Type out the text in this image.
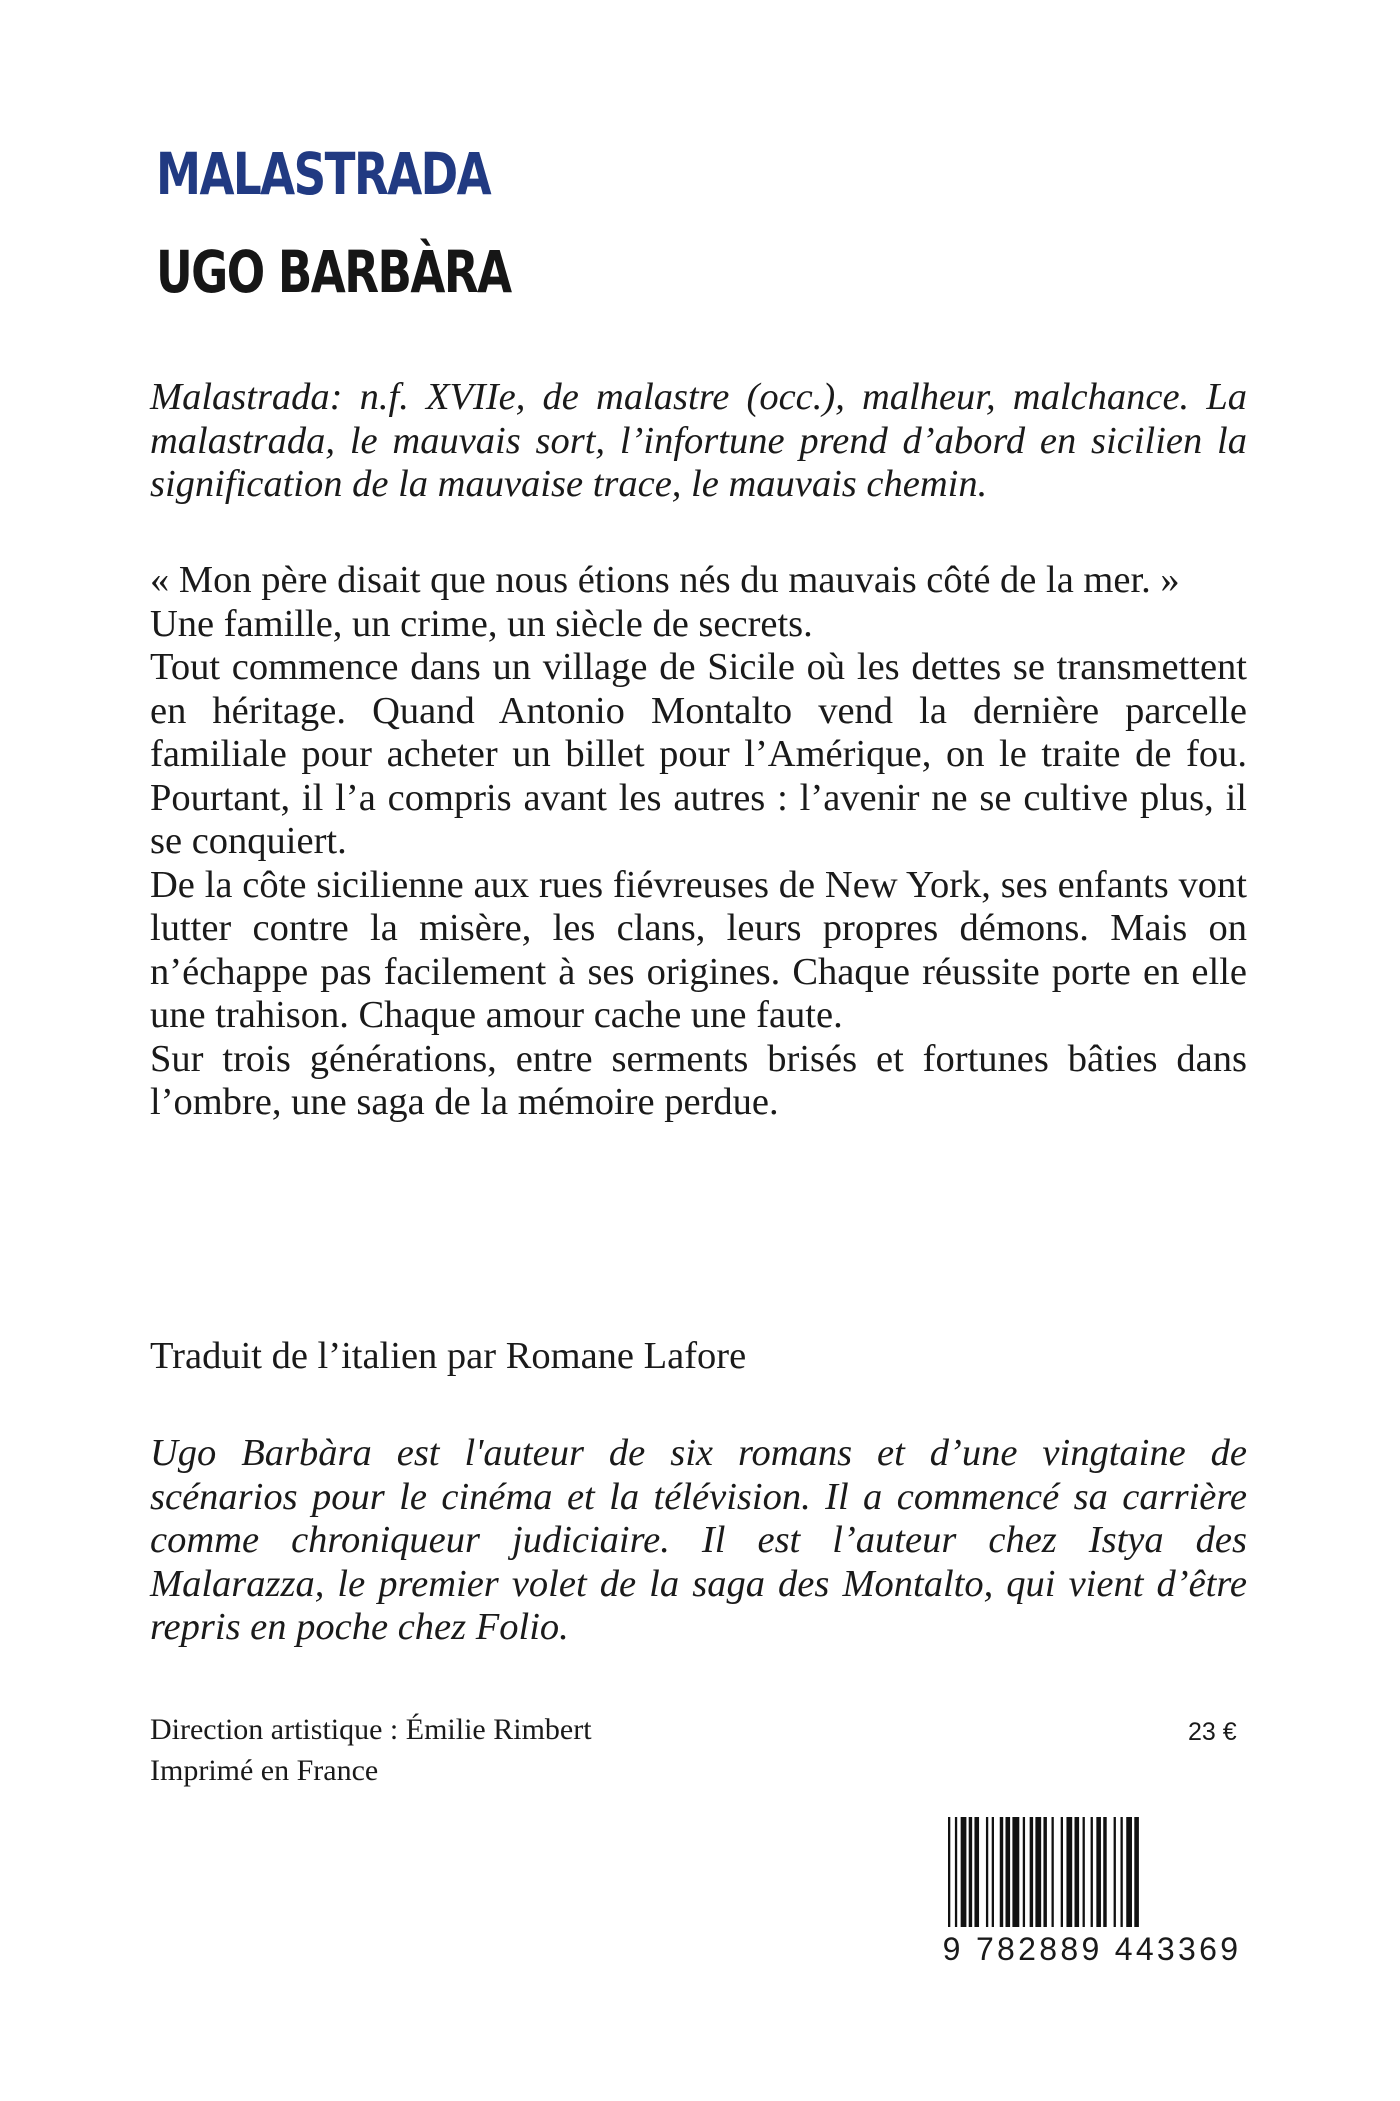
MALASTRADA
UGO BARBÀRA

Malastrada: n.f. XVIIe, de malastre (occ.), malheur, malchance. La malastrada, le mauvais sort, l’infortune prend d’abord en sicilien la signification de la mauvaise trace, le mauvais chemin.

« Mon père disait que nous étions nés du mauvais côté de la mer. »

Une famille, un crime, un siècle de secrets.

Tout commence dans un village de Sicile où les dettes se transmettent en héritage. Quand Antonio Montalto vend la dernière parcelle familiale pour acheter un billet pour l’Amérique, on le traite de fou. Pourtant, il l’a compris avant les autres : l’avenir ne se cultive plus, il se conquiert.

De la côte sicilienne aux rues fiévreuses de New York, ses enfants vont lutter contre la misère, les clans, leurs propres démons. Mais on n’échappe pas facilement à ses origines. Chaque réussite porte en elle une trahison. Chaque amour cache une faute.

Sur trois générations, entre serments brisés et fortunes bâties dans l’ombre, une saga de la mémoire perdue.

Traduit de l’italien par Romane Lafore

Ugo Barbàra est l'auteur de six romans et d’une vingtaine de scénarios pour le cinéma et la télévision. Il a commencé sa carrière comme chroniqueur judiciaire. Il est l’auteur chez Istya des Malarazza, le premier volet de la saga des Montalto, qui vient d’être repris en poche chez Folio.

Direction artistique : Émilie Rimbert
Imprimé en France
23 €
9 782889 443369
